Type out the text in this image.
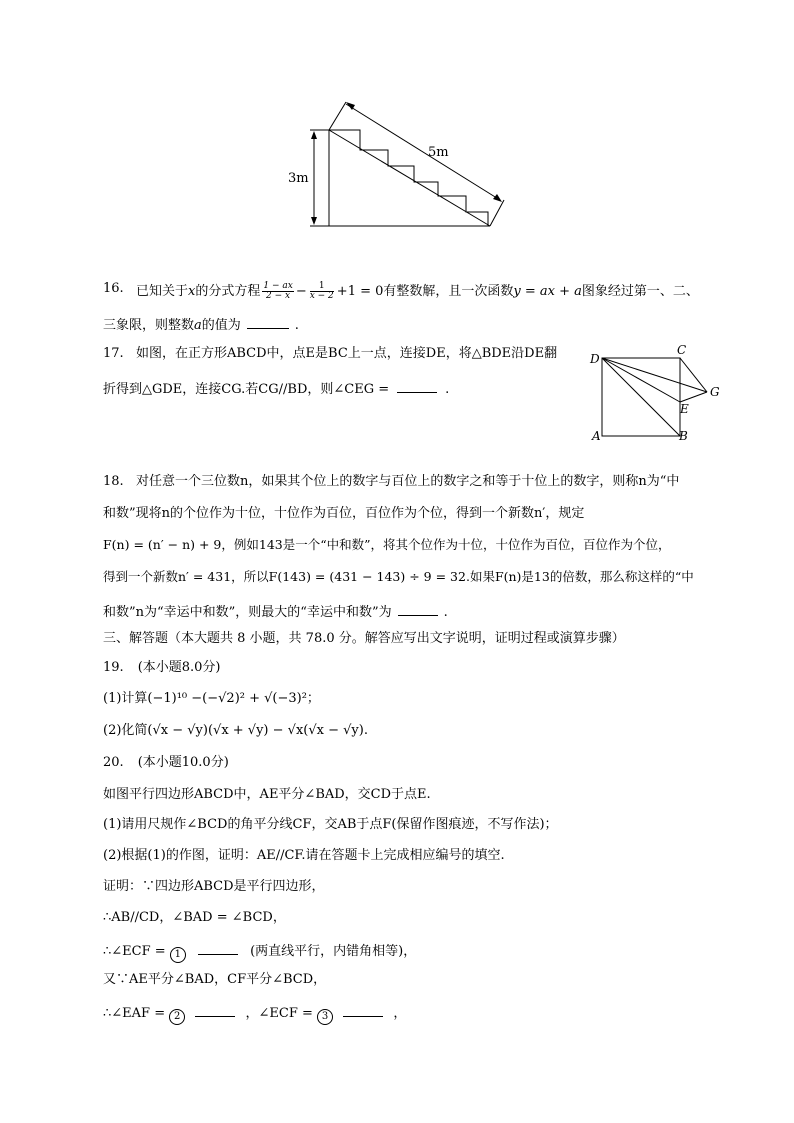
3m
5m
16. 已知关于x的分式方程 $\frac{1 - ax}{2 - x} - \frac{1}{x - 2} +1 = 0$有整数解，且一次函数y = ax + a图象经过第一、二、
三象限，则整数a的值为	.
17. 如图，在正方形ABCD中，点E是BC上一点，连接DE，将△BDE沿DE翻
折得到△GDE，连接CG.若CG//BD，则∠CEG =	.
D
C
G
E
A	B
18. 对任意一个三位数n，如果其个位上的数字与百位上的数字之和等于十位上的数字，则称n为“中
和数”现将n的个位作为十位，十位作为百位，百位作为个位，得到一个新数n′，规定
F(n) = (n′ − n) + 9，例如143是一个“中和数”，将其个位作为十位，十位作为百位，百位作为个位，
得到一个新数n′ = 431，所以F(143) = (431 − 143) ÷ 9 = 32.如果F(n)是13的倍数，那么称这样的“中
和数”n为“幸运中和数”，则最大的“幸运中和数”为	.
三、解答题（本大题共 8 小题，共 78.0 分。解答应写出文字说明，证明过程或演算步骤）
19. (本小题8.0分)
(1)计算(−1)¹⁰ −(−√2)² + √(−3)²；
(2)化简(√x − √y)(√x + √y) − √x(√x − √y).
20. (本小题10.0分)
如图平行四边形ABCD中，AE平分∠BAD，交CD于点E.
(1)请用尺规作∠BCD的角平分线CF，交AB于点F(保留作图痕迹，不写作法)；
(2)根据(1)的作图，证明：AE//CF.请在答题卡上完成相应编号的填空.
证明：∵四边形ABCD是平行四边形，
∴AB//CD，∠BAD = ∠BCD，
∴∠ECF = 1	(两直线平行，内错角相等)，
又∵AE平分∠BAD，CF平分∠BCD，
∴∠EAF = 2	，∠ECF = 3	，
